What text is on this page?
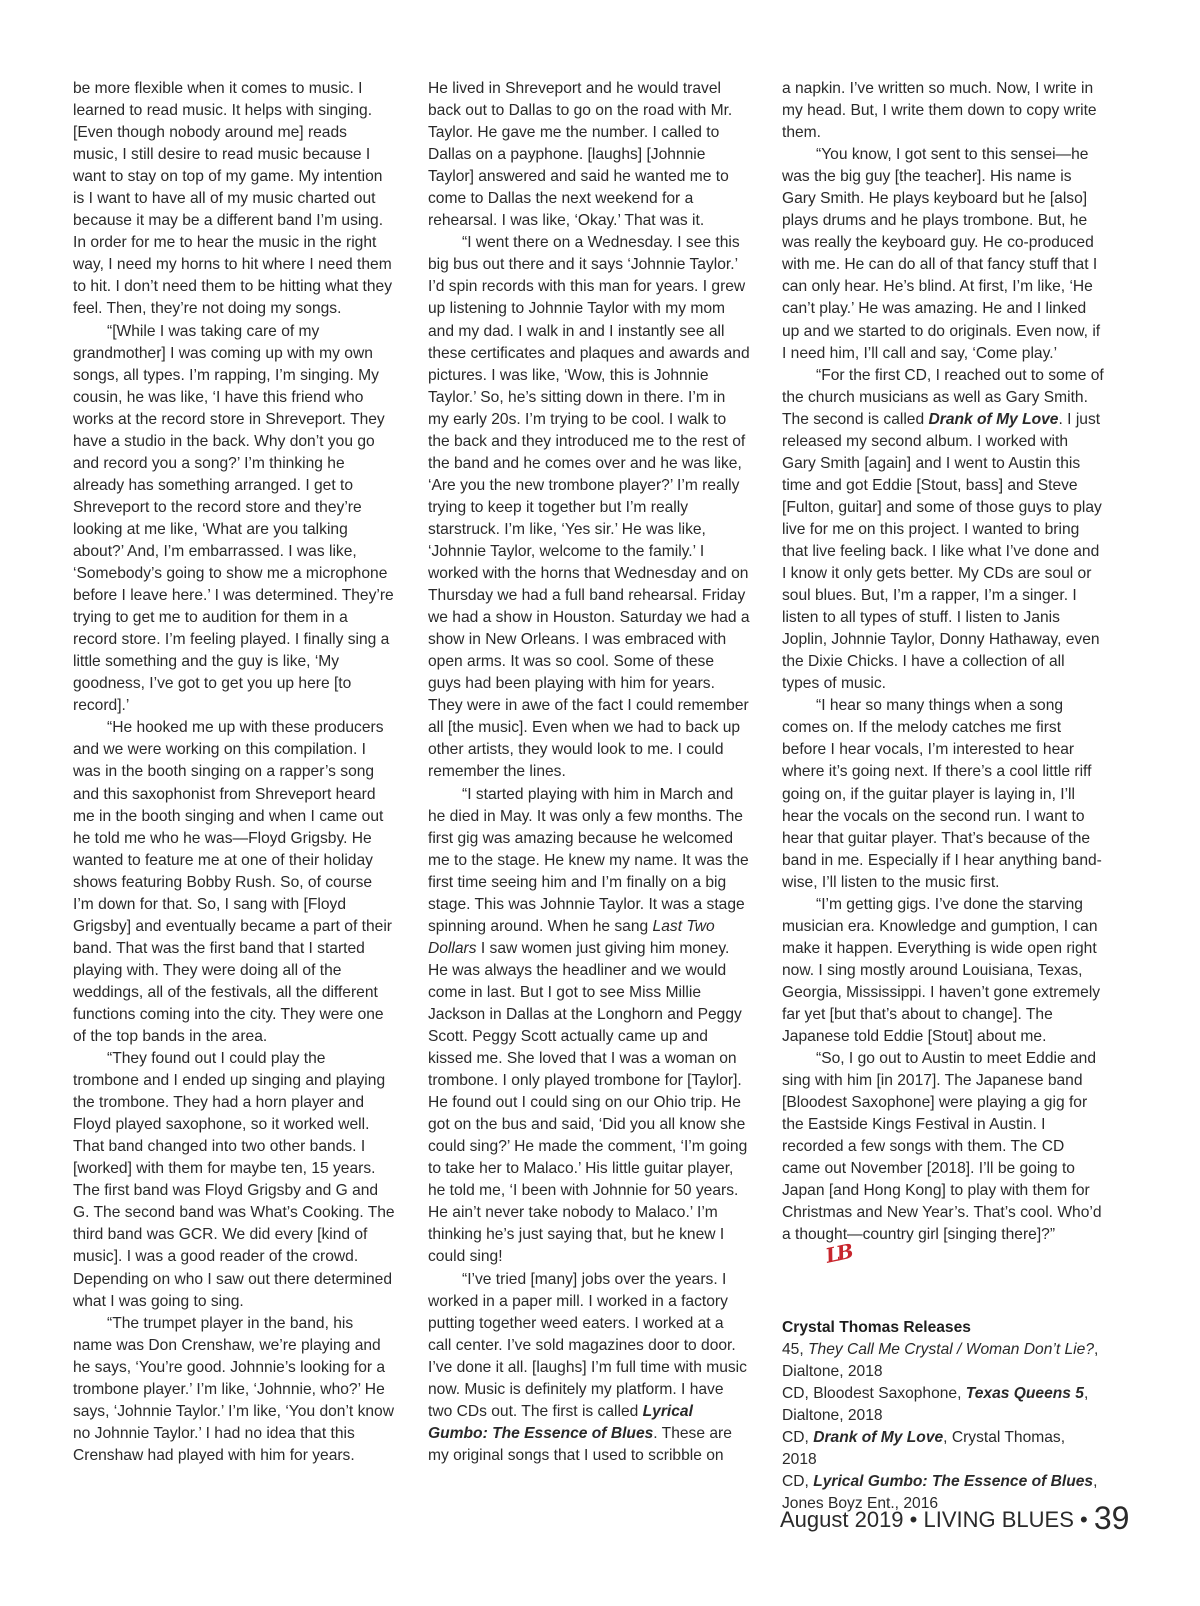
be more flexible when it comes to music. I learned to read music. It helps with singing. [Even though nobody around me] reads music, I still desire to read music because I want to stay on top of my game. My intention is I want to have all of my music charted out because it may be a different band I’m using. In order for me to hear the music in the right way, I need my horns to hit where I need them to hit. I don’t need them to be hitting what they feel. Then, they’re not doing my songs.

“[While I was taking care of my grandmother] I was coming up with my own songs, all types. I’m rapping, I’m singing. My cousin, he was like, ‘I have this friend who works at the record store in Shreveport. They have a studio in the back. Why don’t you go and record you a song?’ I’m thinking he already has something arranged. I get to Shreveport to the record store and they’re looking at me like, ‘What are you talking about?’ And, I’m embarrassed. I was like, ‘Somebody’s going to show me a microphone before I leave here.’ I was determined. They’re trying to get me to audition for them in a record store. I’m feeling played. I finally sing a little something and the guy is like, ‘My goodness, I’ve got to get you up here [to record].’

“He hooked me up with these producers and we were working on this compilation. I was in the booth singing on a rapper’s song and this saxophonist from Shreveport heard me in the booth singing and when I came out he told me who he was—Floyd Grigsby. He wanted to feature me at one of their holiday shows featuring Bobby Rush. So, of course I’m down for that. So, I sang with [Floyd Grigsby] and eventually became a part of their band. That was the first band that I started playing with. They were doing all of the weddings, all of the festivals, all the different functions coming into the city. They were one of the top bands in the area.

“They found out I could play the trombone and I ended up singing and playing the trombone. They had a horn player and Floyd played saxophone, so it worked well. That band changed into two other bands. I [worked] with them for maybe ten, 15 years. The first band was Floyd Grigsby and G and G. The second band was What’s Cooking. The third band was GCR. We did every [kind of music]. I was a good reader of the crowd. Depending on who I saw out there determined what I was going to sing.

“The trumpet player in the band, his name was Don Crenshaw, we’re playing and he says, ‘You’re good. Johnnie’s looking for a trombone player.’ I’m like, ‘Johnnie, who?’ He says, ‘Johnnie Taylor.’ I’m like, ‘You don’t know no Johnnie Taylor.’ I had no idea that this Crenshaw had played with him for years.

He lived in Shreveport and he would travel back out to Dallas to go on the road with Mr. Taylor. He gave me the number. I called to Dallas on a payphone. [laughs] [Johnnie Taylor] answered and said he wanted me to come to Dallas the next weekend for a rehearsal. I was like, ‘Okay.’ That was it.

“I went there on a Wednesday. I see this big bus out there and it says ‘Johnnie Taylor.’ I’d spin records with this man for years. I grew up listening to Johnnie Taylor with my mom and my dad. I walk in and I instantly see all these certificates and plaques and awards and pictures. I was like, ‘Wow, this is Johnnie Taylor.’ So, he’s sitting down in there. I’m in my early 20s. I’m trying to be cool. I walk to the back and they introduced me to the rest of the band and he comes over and he was like, ‘Are you the new trombone player?’ I’m really trying to keep it together but I’m really starstruck. I’m like, ‘Yes sir.’ He was like, ‘Johnnie Taylor, welcome to the family.’ I worked with the horns that Wednesday and on Thursday we had a full band rehearsal. Friday we had a show in Houston. Saturday we had a show in New Orleans. I was embraced with open arms. It was so cool. Some of these guys had been playing with him for years. They were in awe of the fact I could remember all [the music]. Even when we had to back up other artists, they would look to me. I could remember the lines.

“I started playing with him in March and he died in May. It was only a few months. The first gig was amazing because he welcomed me to the stage. He knew my name. It was the first time seeing him and I’m finally on a big stage. This was Johnnie Taylor. It was a stage spinning around. When he sang Last Two Dollars I saw women just giving him money. He was always the headliner and we would come in last. But I got to see Miss Millie Jackson in Dallas at the Longhorn and Peggy Scott. Peggy Scott actually came up and kissed me. She loved that I was a woman on trombone. I only played trombone for [Taylor]. He found out I could sing on our Ohio trip. He got on the bus and said, ‘Did you all know she could sing?’ He made the comment, ‘I’m going to take her to Malaco.’ His little guitar player, he told me, ‘I been with Johnnie for 50 years. He ain’t never take nobody to Malaco.’ I’m thinking he’s just saying that, but he knew I could sing!

“I’ve tried [many] jobs over the years. I worked in a paper mill. I worked in a factory putting together weed eaters. I worked at a call center. I’ve sold magazines door to door. I’ve done it all. [laughs] I’m full time with music now. Music is definitely my platform. I have two CDs out. The first is called Lyrical Gumbo: The Essence of Blues. These are my original songs that I used to scribble on

a napkin. I’ve written so much. Now, I write in my head. But, I write them down to copy write them.

“You know, I got sent to this sensei—he was the big guy [the teacher]. His name is Gary Smith. He plays keyboard but he [also] plays drums and he plays trombone. But, he was really the keyboard guy. He co-produced with me. He can do all of that fancy stuff that I can only hear. He’s blind. At first, I’m like, ‘He can’t play.’ He was amazing. He and I linked up and we started to do originals. Even now, if I need him, I’ll call and say, ‘Come play.’

“For the first CD, I reached out to some of the church musicians as well as Gary Smith. The second is called Drank of My Love. I just released my second album. I worked with Gary Smith [again] and I went to Austin this time and got Eddie [Stout, bass] and Steve [Fulton, guitar] and some of those guys to play live for me on this project. I wanted to bring that live feeling back. I like what I’ve done and I know it only gets better. My CDs are soul or soul blues. But, I’m a rapper, I’m a singer. I listen to all types of stuff. I listen to Janis Joplin, Johnnie Taylor, Donny Hathaway, even the Dixie Chicks. I have a collection of all types of music.

“I hear so many things when a song comes on. If the melody catches me first before I hear vocals, I’m interested to hear where it’s going next. If there’s a cool little riff going on, if the guitar player is laying in, I’ll hear the vocals on the second run. I want to hear that guitar player. That’s because of the band in me. Especially if I hear anything band-wise, I’ll listen to the music first.

“I’m getting gigs. I’ve done the starving musician era. Knowledge and gumption, I can make it happen. Everything is wide open right now. I sing mostly around Louisiana, Texas, Georgia, Mississippi. I haven’t gone extremely far yet [but that’s about to change]. The Japanese told Eddie [Stout] about me.

“So, I go out to Austin to meet Eddie and sing with him [in 2017]. The Japanese band [Bloodest Saxophone] were playing a gig for the Eastside Kings Festival in Austin. I recorded a few songs with them. The CD came out November [2018]. I’ll be going to Japan [and Hong Kong] to play with them for Christmas and New Year’s. That’s cool. Who’d a thought—country girl [singing there]?”LB

Crystal Thomas Releases

45, They Call Me Crystal / Woman Don’t Lie?, Dialtone, 2018

CD, Bloodest Saxophone, Texas Queens 5, Dialtone, 2018

CD, Drank of My Love, Crystal Thomas, 2018

CD, Lyrical Gumbo: The Essence of Blues, Jones Boyz Ent., 2016

August 2019 • LIVING BLUES • 39
